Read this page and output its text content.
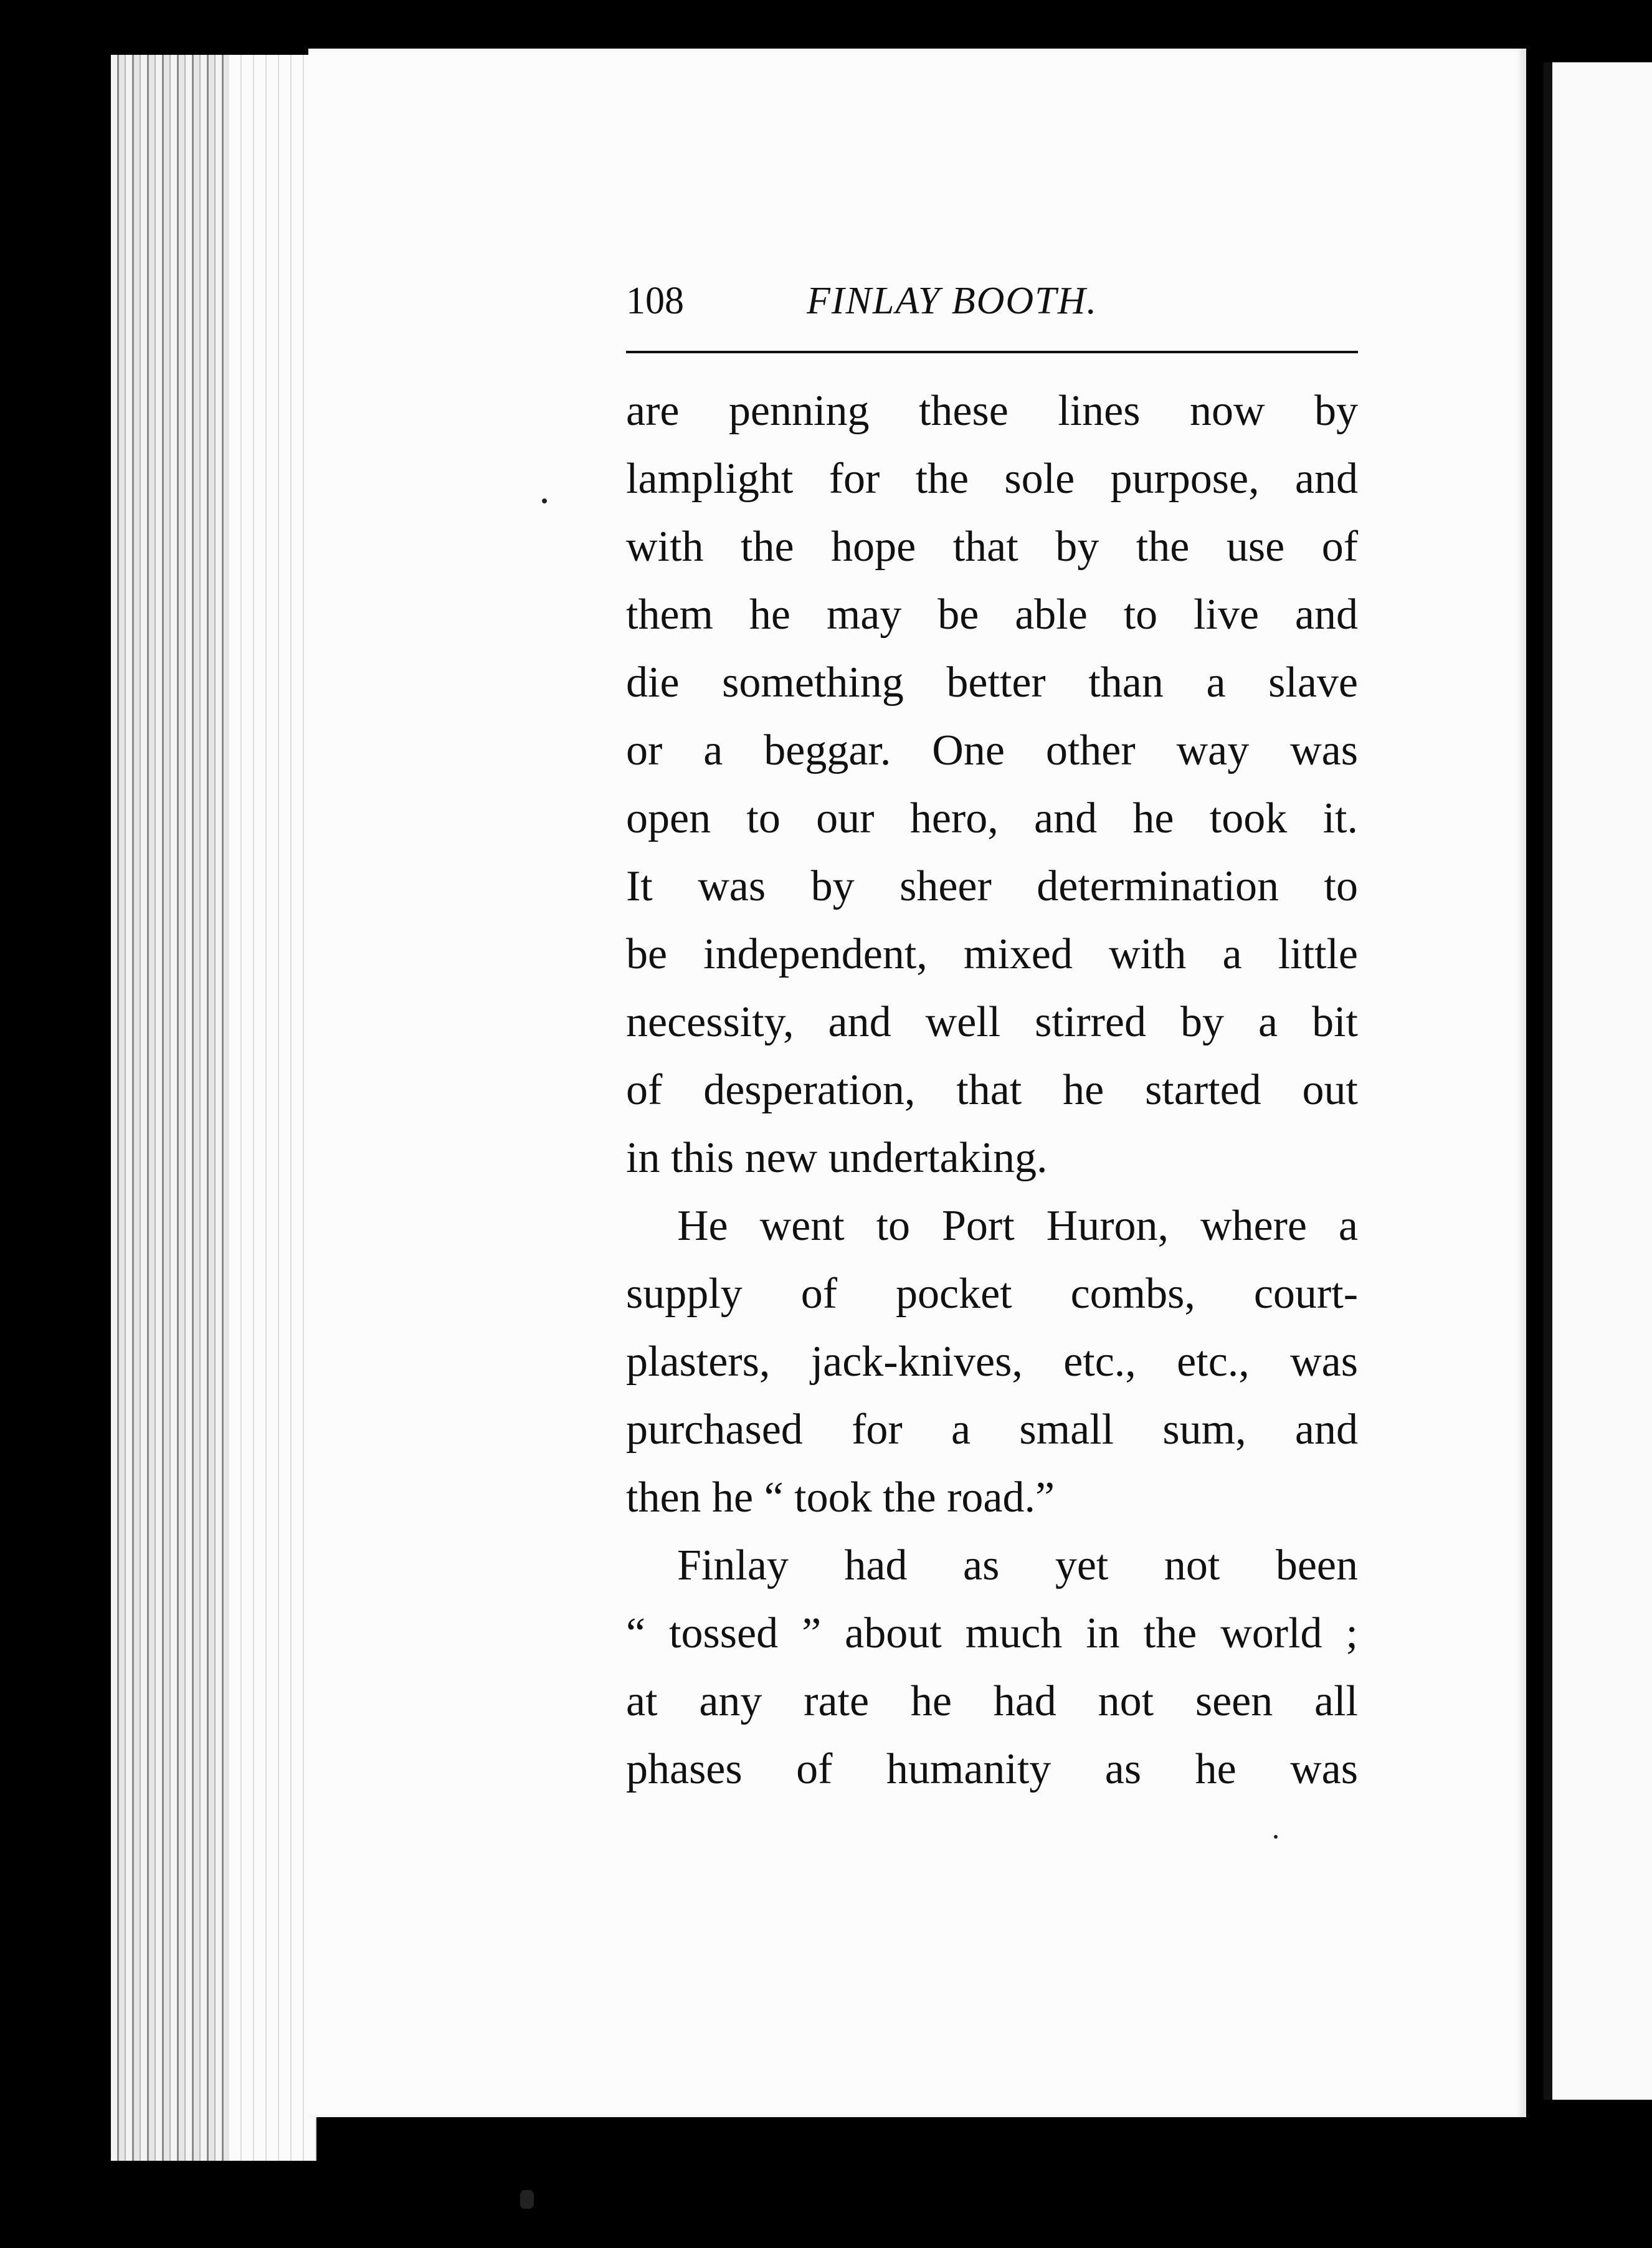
108	FINLAY BOOTH.
are penning these lines now by
lamplight for the sole purpose, and
with the hope that by the use of
them he may be able to live and
die something better than a slave
or a beggar. One other way was
open to our hero, and he took it.
It was by sheer determination to
be independent, mixed with a little
necessity, and well stirred by a bit
of desperation, that he started out
in this new undertaking.
He went to Port Huron, where a
supply of pocket combs, court-
plasters, jack-knives, etc., etc., was
purchased for a small sum, and
then he “ took the road.”
Finlay had as yet not been
“ tossed ” about much in the world ;
at any rate he had not seen all
phases of humanity as he was
